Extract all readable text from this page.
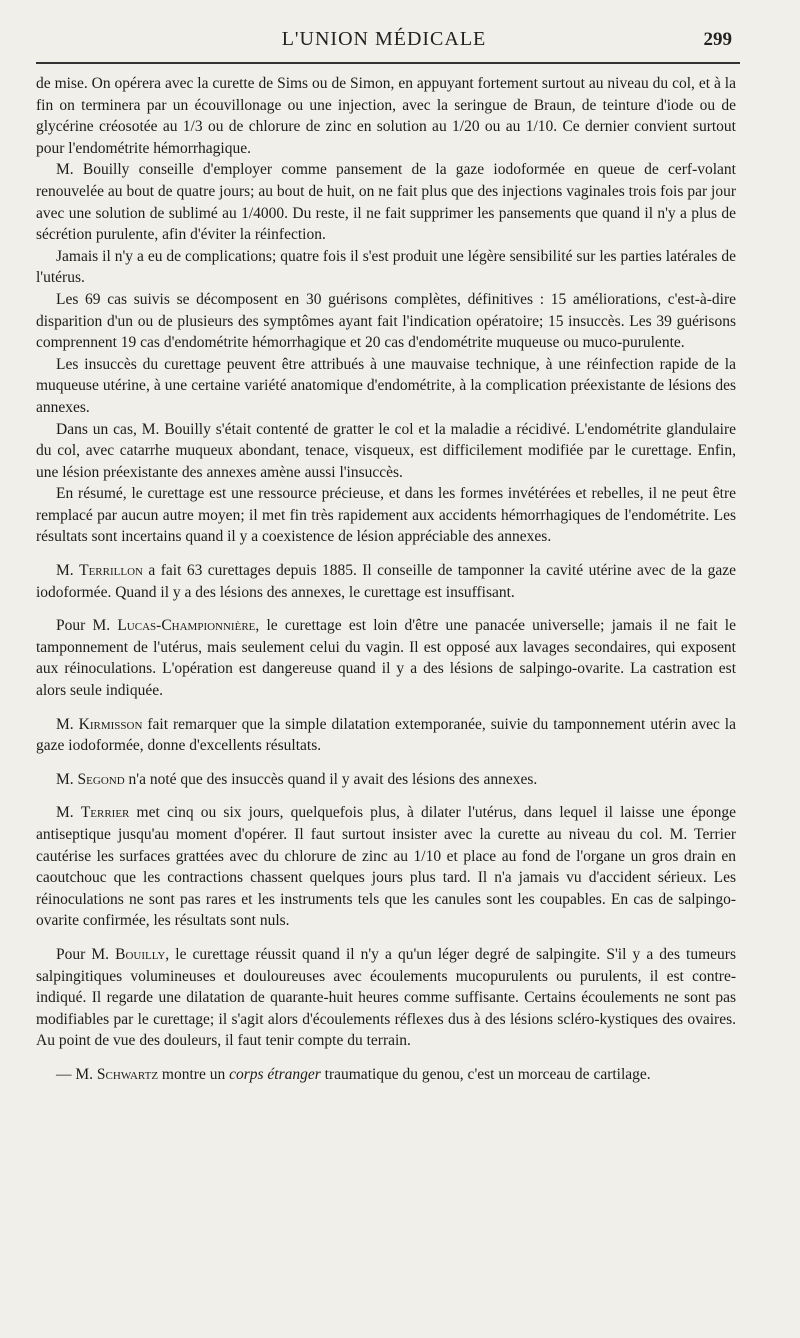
L'UNION MÉDICALE	299

de mise. On opérera avec la curette de Sims ou de Simon, en appuyant fortement surtout au niveau du col, et à la fin on terminera par un écouvillonage ou une injection, avec la seringue de Braun, de teinture d'iode ou de glycérine créosotée au 1/3 ou de chlorure de zinc en solution au 1/20 ou au 1/10. Ce dernier convient surtout pour l'endométrite hémorrhagique.

M. Bouilly conseille d'employer comme pansement de la gaze iodoformée en queue de cerf-volant renouvelée au bout de quatre jours; au bout de huit, on ne fait plus que des injections vaginales trois fois par jour avec une solution de sublimé au 1/4000. Du reste, il ne fait supprimer les pansements que quand il n'y a plus de sécrétion purulente, afin d'éviter la réinfection.

Jamais il n'y a eu de complications; quatre fois il s'est produit une légère sensibilité sur les parties latérales de l'utérus.

Les 69 cas suivis se décomposent en 30 guérisons complètes, définitives : 15 améliorations, c'est-à-dire disparition d'un ou de plusieurs des symptômes ayant fait l'indication opératoire; 15 insuccès. Les 39 guérisons comprennent 19 cas d'endométrite hémorrhagique et 20 cas d'endométrite muqueuse ou muco-purulente.

Les insuccès du curettage peuvent être attribués à une mauvaise technique, à une réinfection rapide de la muqueuse utérine, à une certaine variété anatomique d'endométrite, à la complication préexistante de lésions des annexes.

Dans un cas, M. Bouilly s'était contenté de gratter le col et la maladie a récidivé. L'endométrite glandulaire du col, avec catarrhe muqueux abondant, tenace, visqueux, est difficilement modifiée par le curettage. Enfin, une lésion préexistante des annexes amène aussi l'insuccès.

En résumé, le curettage est une ressource précieuse, et dans les formes invétérées et rebelles, il ne peut être remplacé par aucun autre moyen; il met fin très rapidement aux accidents hémorrhagiques de l'endométrite. Les résultats sont incertains quand il y a coexistence de lésion appréciable des annexes.

M. Terrillon a fait 63 curettages depuis 1885. Il conseille de tamponner la cavité utérine avec de la gaze iodoformée. Quand il y a des lésions des annexes, le curettage est insuffisant.

Pour M. Lucas-Championnière, le curettage est loin d'être une panacée universelle; jamais il ne fait le tamponnement de l'utérus, mais seulement celui du vagin. Il est opposé aux lavages secondaires, qui exposent aux réinoculations. L'opération est dangereuse quand il y a des lésions de salpingo-ovarite. La castration est alors seule indiquée.

M. Kirmisson fait remarquer que la simple dilatation extemporanée, suivie du tamponnement utérin avec la gaze iodoformée, donne d'excellents résultats.

M. Segond n'a noté que des insuccès quand il y avait des lésions des annexes.

M. Terrier met cinq ou six jours, quelquefois plus, à dilater l'utérus, dans lequel il laisse une éponge antiseptique jusqu'au moment d'opérer. Il faut surtout insister avec la curette au niveau du col. M. Terrier cautérise les surfaces grattées avec du chlorure de zinc au 1/10 et place au fond de l'organe un gros drain en caoutchouc que les contractions chassent quelques jours plus tard. Il n'a jamais vu d'accident sérieux. Les réinoculations ne sont pas rares et les instruments tels que les canules sont les coupables. En cas de salpingo-ovarite confirmée, les résultats sont nuls.

Pour M. Bouilly, le curettage réussit quand il n'y a qu'un léger degré de salpingite. S'il y a des tumeurs salpingitiques volumineuses et douloureuses avec écoulements mucopurulents ou purulents, il est contre-indiqué. Il regarde une dilatation de quarante-huit heures comme suffisante. Certains écoulements ne sont pas modifiables par le curettage; il s'agit alors d'écoulements réflexes dus à des lésions scléro-kystiques des ovaires. Au point de vue des douleurs, il faut tenir compte du terrain.

— M. Schwartz montre un corps étranger traumatique du genou, c'est un morceau de cartilage.
